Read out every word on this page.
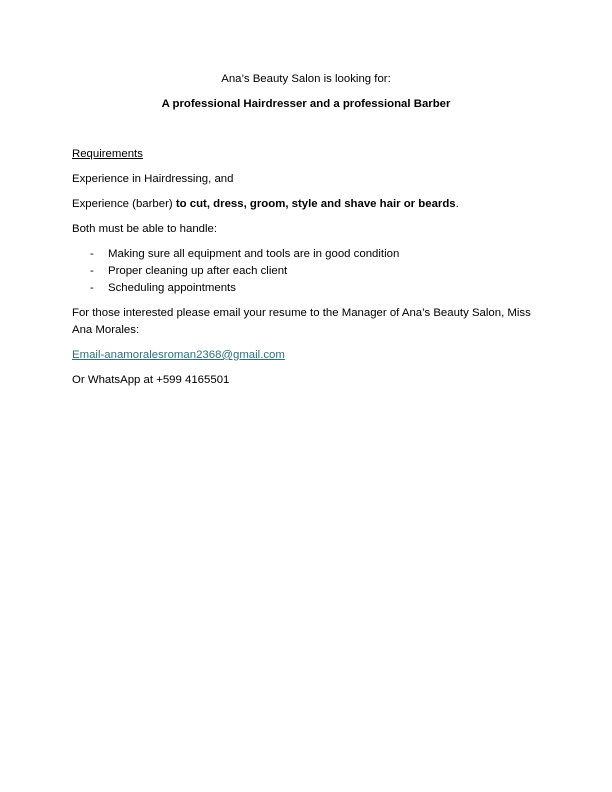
Ana’s Beauty Salon is looking for:
A professional Hairdresser and a professional Barber
Requirements
Experience in Hairdressing, and
Experience (barber) to cut, dress, groom, style and shave hair or beards.
Both must be able to handle:
- Making sure all equipment and tools are in good condition
- Proper cleaning up after each client
- Scheduling appointments
For those interested please email your resume to the Manager of Ana’s Beauty Salon, Miss Ana Morales:
Email-anamoralesroman2368@gmail.com
Or WhatsApp at +599 4165501
